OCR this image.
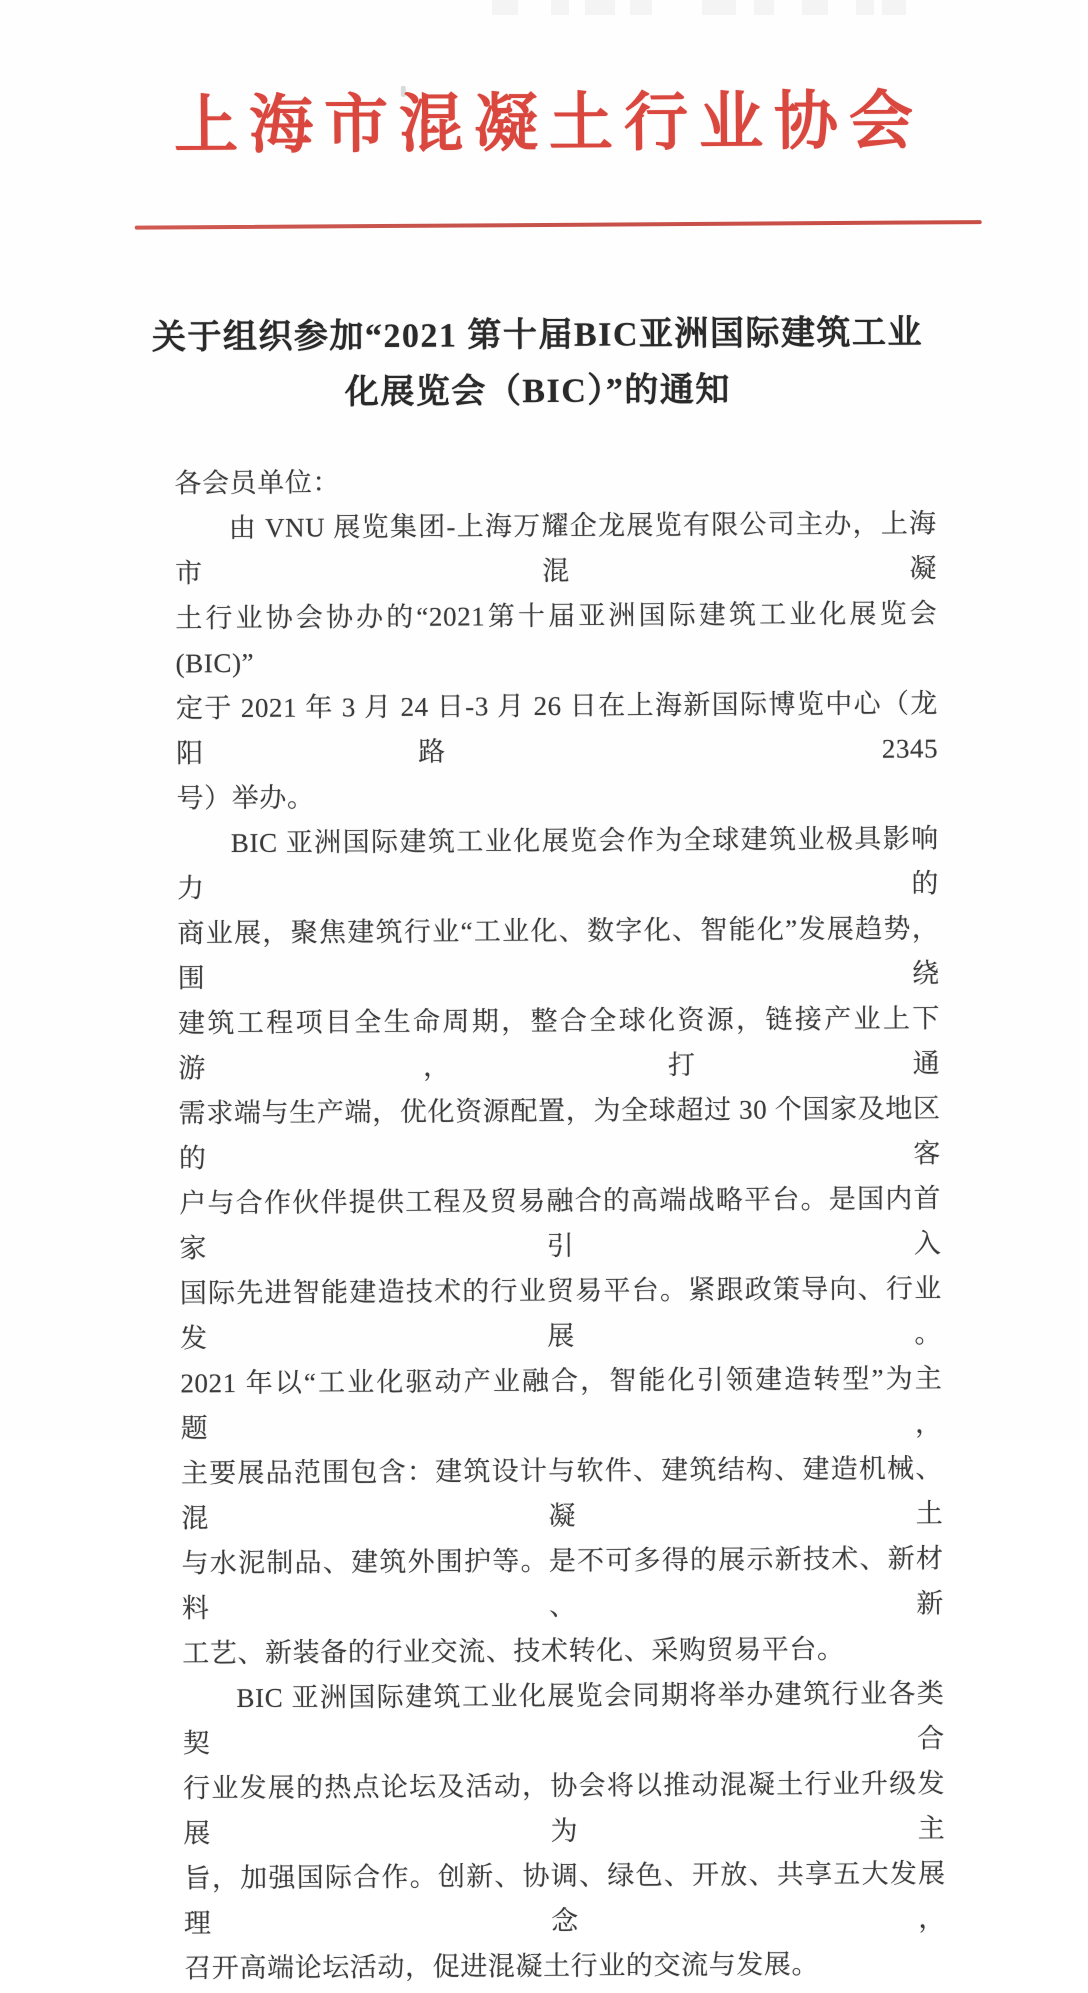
上海市混凝土行业协会
关于组织参加“2021 第十届BIC亚洲国际建筑工业
化展览会（BIC）”的通知
各会员单位：
由 VNU 展览集团-上海万耀企龙展览有限公司主办，上海市混凝
土行业协会协办的“2021第十届亚洲国际建筑工业化展览会(BIC)”
定于 2021 年 3 月 24 日-3 月 26 日在上海新国际博览中心（龙阳路 2345
号）举办。
BIC 亚洲国际建筑工业化展览会作为全球建筑业极具影响力的
商业展，聚焦建筑行业“工业化、数字化、智能化”发展趋势，围绕
建筑工程项目全生命周期，整合全球化资源，链接产业上下游，打通
需求端与生产端，优化资源配置，为全球超过 30 个国家及地区的客
户与合作伙伴提供工程及贸易融合的高端战略平台。是国内首家引入
国际先进智能建造技术的行业贸易平台。紧跟政策导向、行业发展。
2021 年以“工业化驱动产业融合，智能化引领建造转型”为主题，
主要展品范围包含：建筑设计与软件、建筑结构、建造机械、混凝土
与水泥制品、建筑外围护等。是不可多得的展示新技术、新材料、新
工艺、新装备的行业交流、技术转化、采购贸易平台。
BIC 亚洲国际建筑工业化展览会同期将举办建筑行业各类契合
行业发展的热点论坛及活动，协会将以推动混凝土行业升级发展为主
旨，加强国际合作。创新、协调、绿色、开放、共享五大发展理念，
召开高端论坛活动，促进混凝土行业的交流与发展。
